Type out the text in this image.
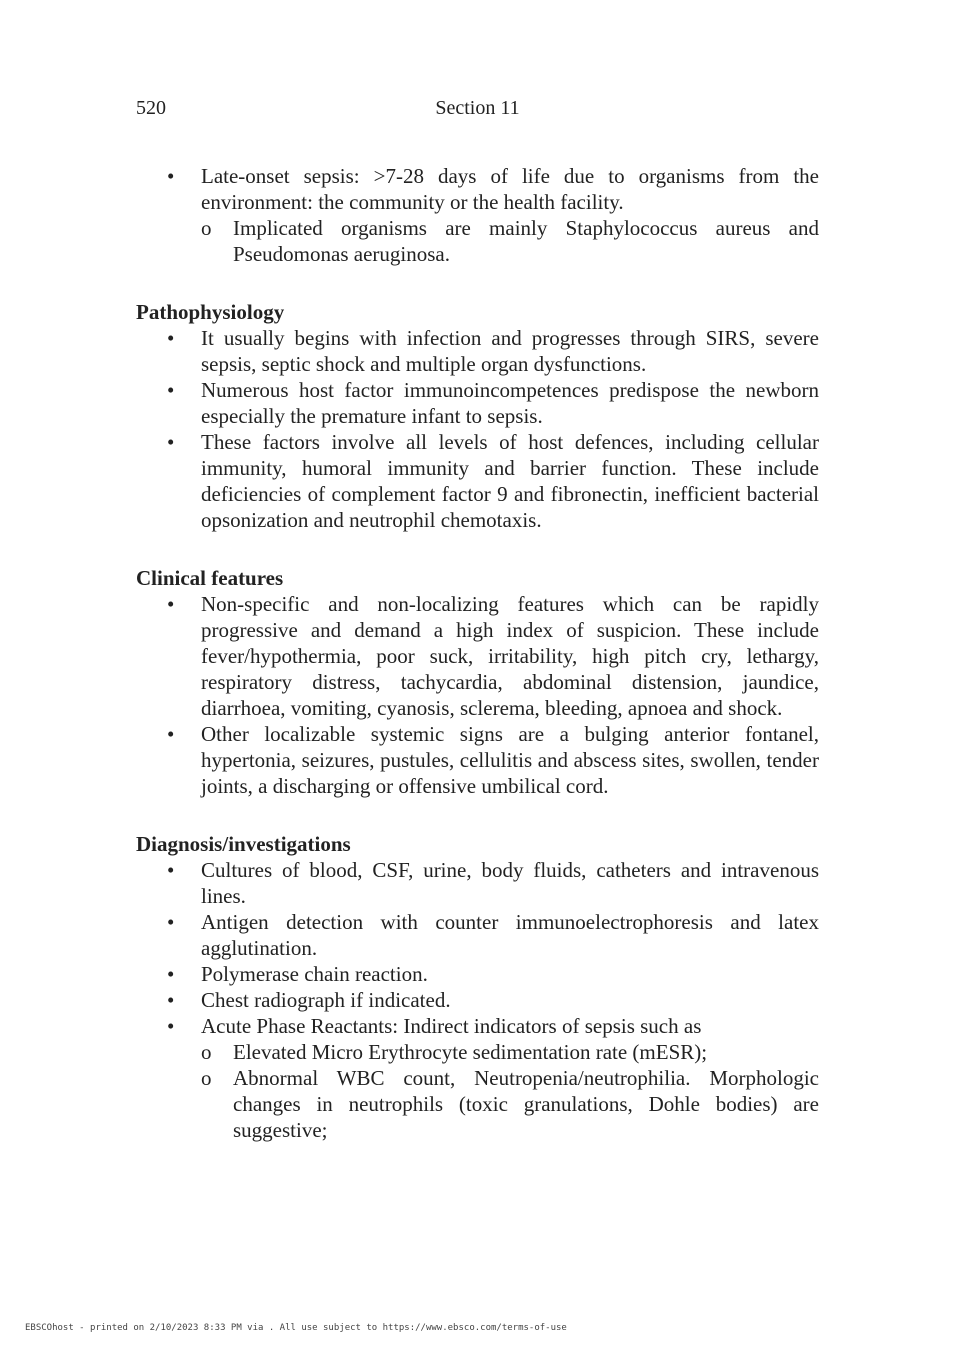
520	Section 11
• Late-onset sepsis: >7-28 days of life due to organisms from the environment: the community or the health facility.
o Implicated organisms are mainly Staphylococcus aureus and Pseudomonas aeruginosa.

Pathophysiology

• It usually begins with infection and progresses through SIRS, severe sepsis, septic shock and multiple organ dysfunctions.
• Numerous host factor immunoincompetences predispose the newborn especially the premature infant to sepsis.
• These factors involve all levels of host defences, including cellular immunity, humoral immunity and barrier function. These include deficiencies of complement factor 9 and fibronectin, inefficient bacterial opsonization and neutrophil chemotaxis.

Clinical features

• Non-specific and non-localizing features which can be rapidly progressive and demand a high index of suspicion. These include fever/hypothermia, poor suck, irritability, high pitch cry, lethargy, respiratory distress, tachycardia, abdominal distension, jaundice, diarrhoea, vomiting, cyanosis, sclerema, bleeding, apnoea and shock.
• Other localizable systemic signs are a bulging anterior fontanel, hypertonia, seizures, pustules, cellulitis and abscess sites, swollen, tender joints, a discharging or offensive umbilical cord.

Diagnosis/investigations

• Cultures of blood, CSF, urine, body fluids, catheters and intravenous lines.
• Antigen detection with counter immunoelectrophoresis and latex agglutination.
• Polymerase chain reaction.
• Chest radiograph if indicated.
• Acute Phase Reactants: Indirect indicators of sepsis such as
o Elevated Micro Erythrocyte sedimentation rate (mESR);
o Abnormal WBC count, Neutropenia/neutrophilia. Morphologic changes in neutrophils (toxic granulations, Dohle bodies) are suggestive;
EBSCOhost - printed on 2/10/2023 8:33 PM via . All use subject to https://www.ebsco.com/terms-of-use
